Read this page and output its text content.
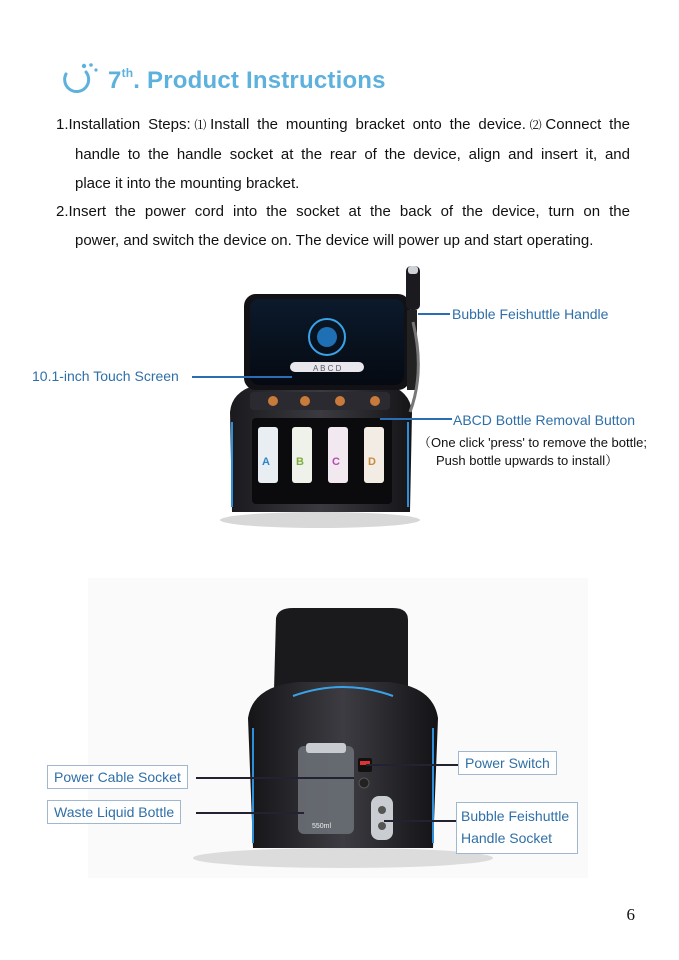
7th. Product Instructions
1.Installation Steps:⑴Install the mounting bracket onto the device.⑵Connect the
handle to the handle socket at the rear of the device, align and insert it, and
place it into the mounting bracket.
2.Insert the power cord into the socket at the back of the device, turn on the
power, and switch the device on. The device will power up and start operating.
A B C D
A B	C	D
Bubble Feishuttle Handle
10.1-inch Touch Screen
ABCD Bottle Removal Button
（One click 'press' to remove the bottle;
Push bottle upwards to install）
550ml
Power Cable Socket
Waste Liquid Bottle
Power Switch
Bubble Feishuttle
Handle Socket
6
